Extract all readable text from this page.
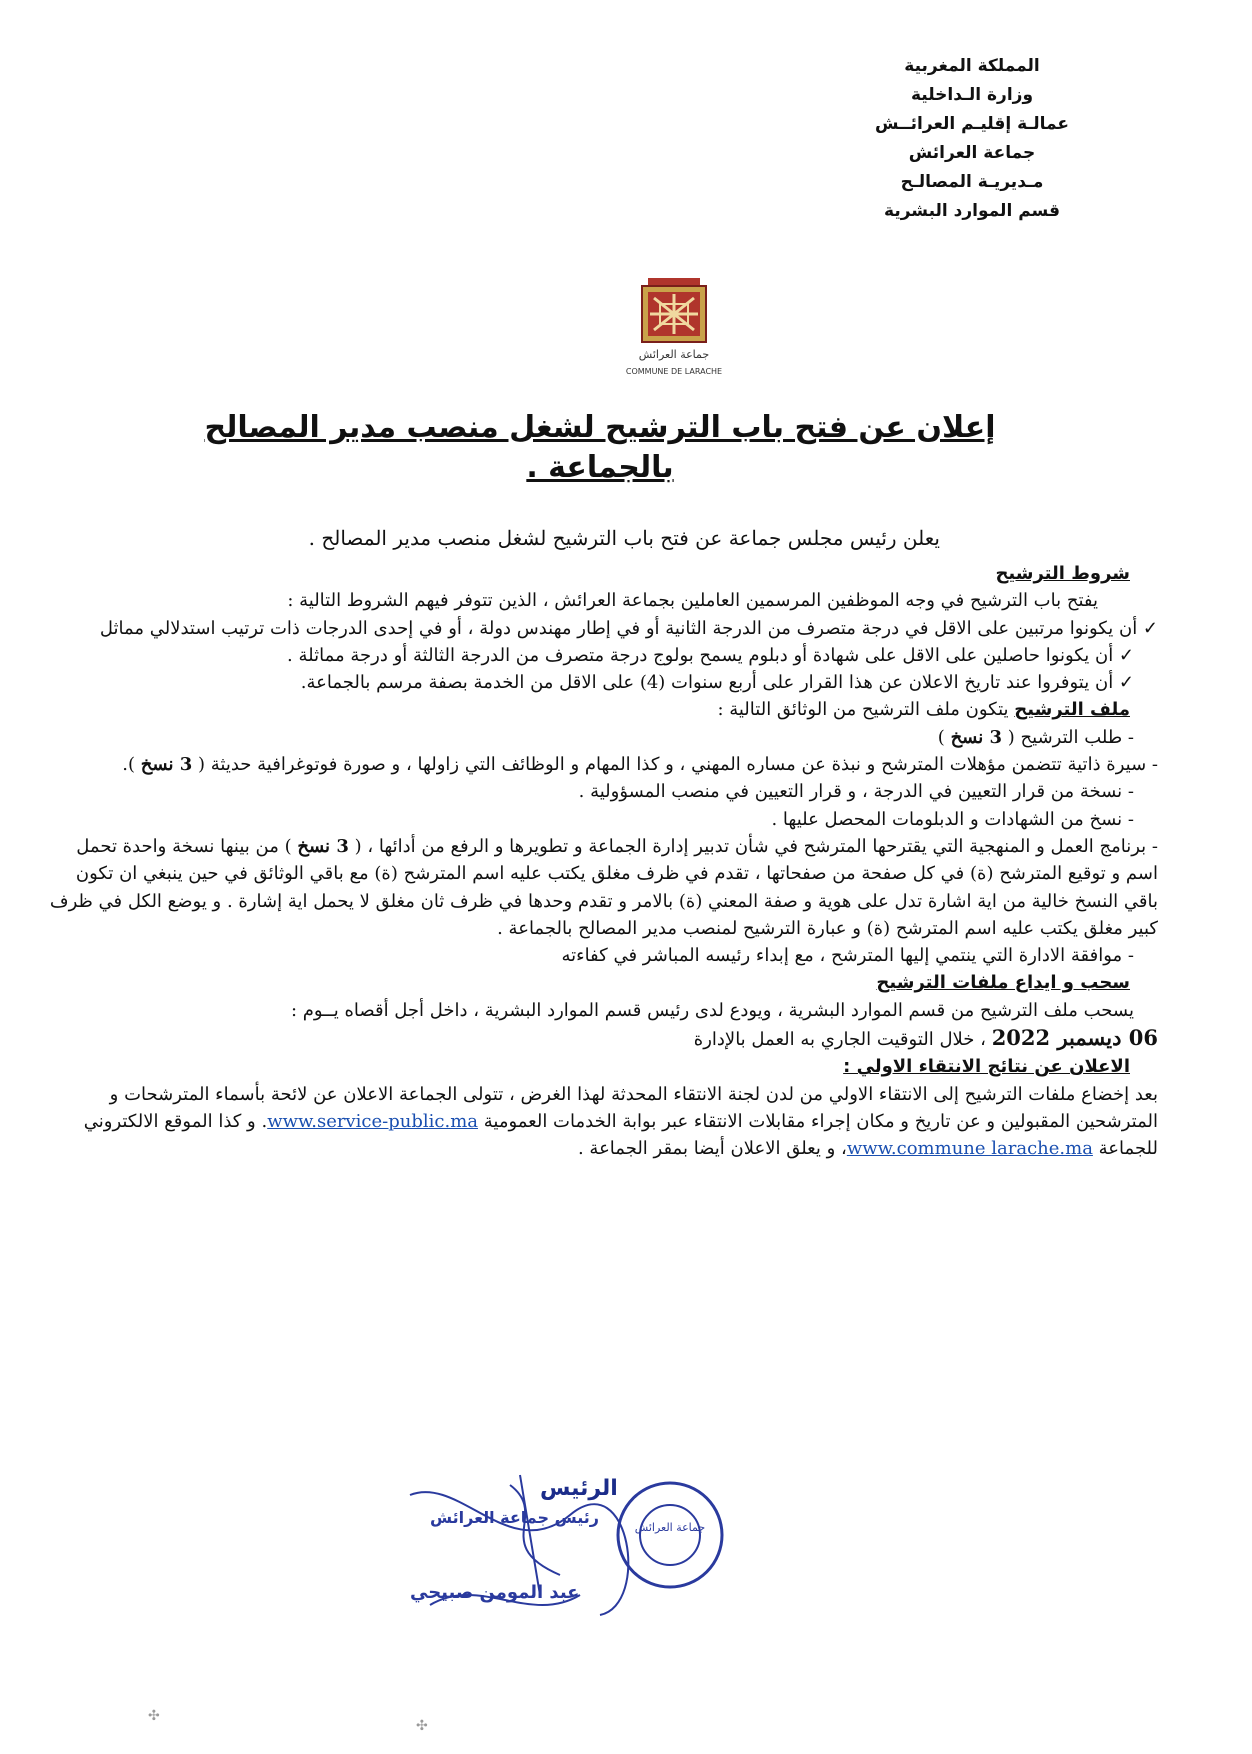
المملكة المغربية
وزارة الـداخلية
عمالـة إقليـم العرائــش
جماعة العرائش
مـديريـة المصالـح
قسم الموارد البشرية
جماعة العرائش
COMMUNE DE LARACHE
إعلان عن فتح باب الترشيح لشغل منصب مدير المصالح
بالجماعة .
يعلن رئيس مجلس جماعة عن فتح باب الترشيح لشغل منصب مدير المصالح .

شروط الترشيح

يفتح باب الترشيح في وجه الموظفين المرسمين العاملين بجماعة العرائش ، الذين تتوفر فيهم الشروط التالية :

✓ أن يكونوا مرتبين على الاقل في درجة متصرف من الدرجة الثانية أو في إطار مهندس دولة ، أو في إحدى الدرجات ذات ترتيب استدلالي مماثل

✓ أن يكونوا حاصلين على الاقل على شهادة أو دبلوم يسمح بولوج درجة متصرف من الدرجة الثالثة أو درجة مماثلة .

✓ أن يتوفروا عند تاريخ الاعلان عن هذا القرار على أربع سنوات (4) على الاقل من الخدمة بصفة مرسم بالجماعة.

ملف الترشيح يتكون ملف الترشيح من الوثائق التالية :

- طلب الترشيح ( 3 نسخ )

- سيرة ذاتية تتضمن مؤهلات المترشح و نبذة عن مساره المهني ، و كذا المهام و الوظائف التي زاولها ، و صورة فوتوغرافية حديثة ( 3 نسخ ).

- نسخة من قرار التعيين في الدرجة ، و قرار التعيين في منصب المسؤولية .

- نسخ من الشهادات و الدبلومات المحصل عليها .

- برنامج العمل و المنهجية التي يقترحها المترشح في شأن تدبير إدارة الجماعة و تطويرها و الرفع من أدائها ، ( 3 نسخ ) من بينها نسخة واحدة تحمل اسم و توقيع المترشح (ة) في كل صفحة من صفحاتها ، تقدم في ظرف مغلق يكتب عليه اسم المترشح (ة) مع باقي الوثائق في حين ينبغي ان تكون باقي النسخ خالية من اية اشارة تدل على هوية و صفة المعني (ة) بالامر و تقدم وحدها في ظرف ثان مغلق لا يحمل اية إشارة . و يوضع الكل في ظرف كبير مغلق يكتب عليه اسم المترشح (ة) و عبارة الترشيح لمنصب مدير المصالح بالجماعة .

- موافقة الادارة التي ينتمي إليها المترشح ، مع إبداء رئيسه المباشر في كفاءته

سحب و ايداع ملفات الترشيح

يسحب ملف الترشيح من قسم الموارد البشرية ، ويودع لدى رئيس قسم الموارد البشرية ، داخل أجل أقصاه يــوم :

06 ديسمبر 2022 ، خلال التوقيت الجاري به العمل بالإدارة

الاعلان عن نتائج الانتقاء الاولي :

بعد إخضاع ملفات الترشيح إلى الانتقاء الاولي من لدن لجنة الانتقاء المحدثة لهذا الغرض ، تتولى الجماعة الاعلان عن لائحة بأسماء المترشحات و المترشحين المقبولين و عن تاريخ و مكان إجراء مقابلات الانتقاء عبر بوابة الخدمات العمومية www.service-public.ma. و كذا الموقع الالكتروني للجماعة www.commune larache.ma، و يعلق الاعلان أيضا بمقر الجماعة .

جماعة العرائش
الرئيس
رئيس جماعة العرائش
عبد المومن صبيحي
✣
✣
